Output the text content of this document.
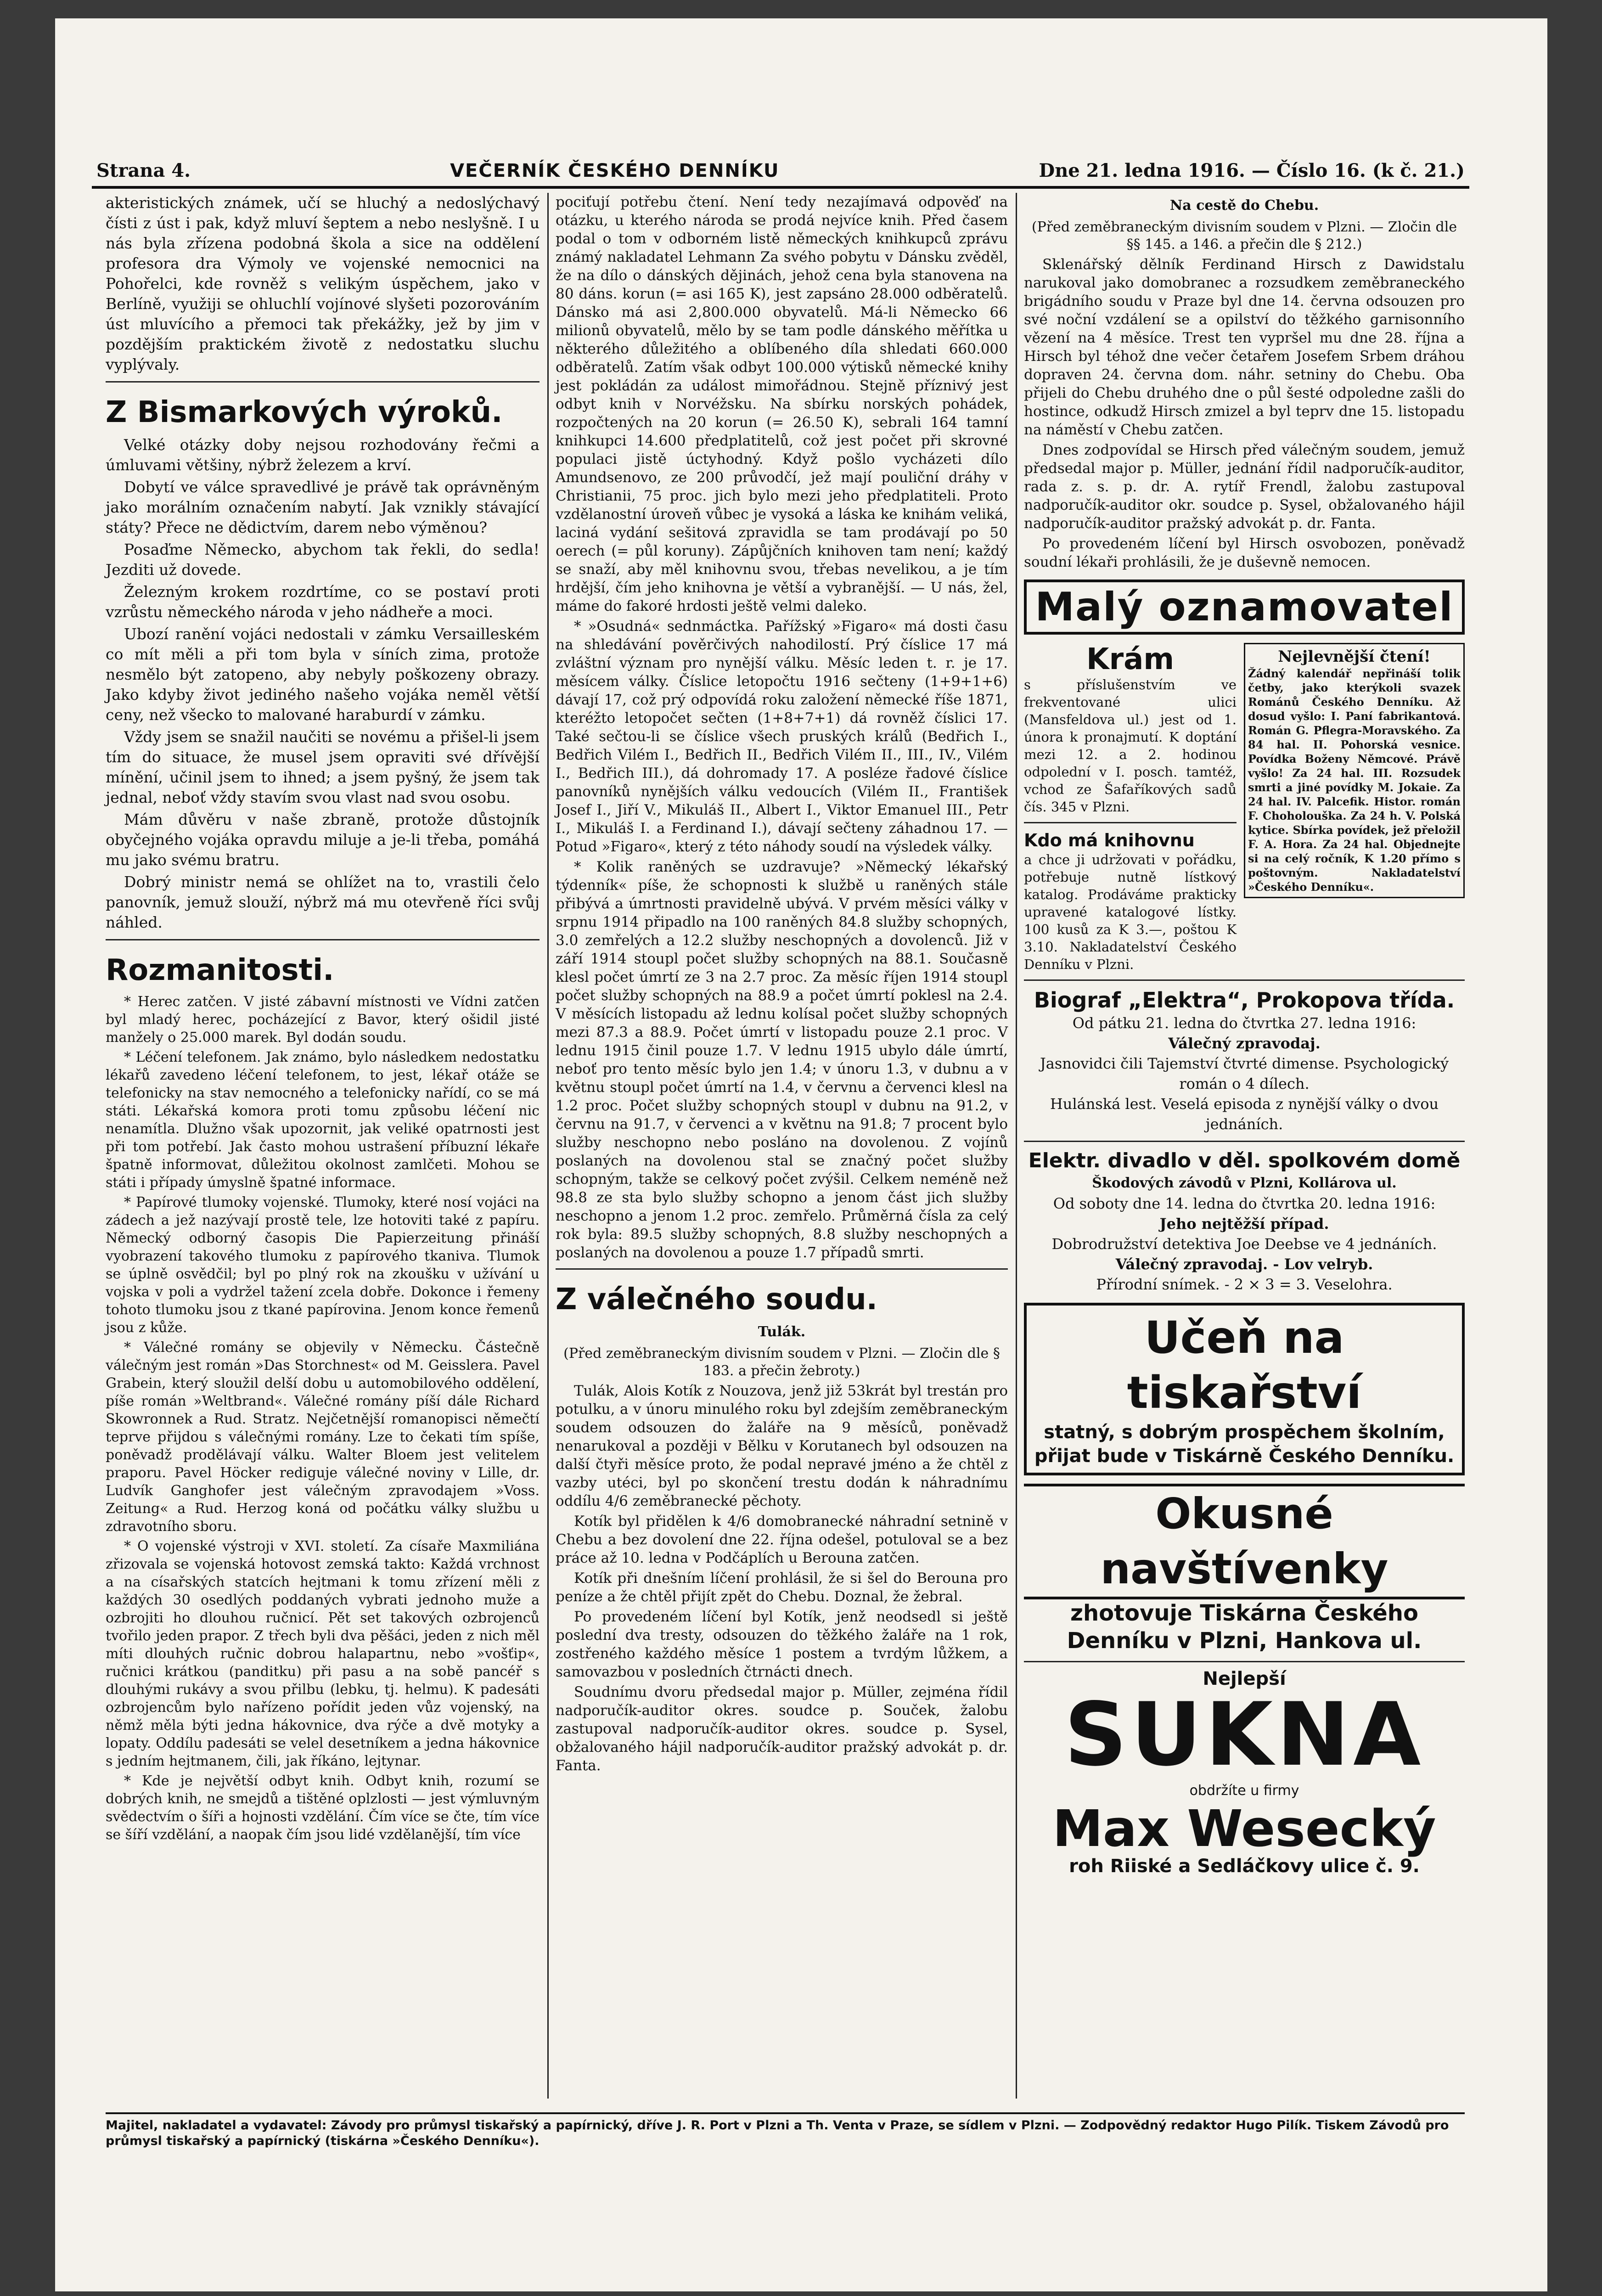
Strana 4.	VEČERNÍK ČESKÉHO DENNÍKU	Dne 21. ledna 1916. — Číslo 16. (k č. 21.)

akteristických známek, učí se hluchý a nedoslýchavý čísti z úst i pak, když mluví šeptem a nebo neslyšně. I u nás byla zřízena podobná škola a sice na oddělení profesora dra Výmoly ve vojenské nemocnici na Pohořelci, kde rovněž s velikým úspěchem, jako v Berlíně, využiji se ohluchlí vojínové slyšeti pozorováním úst mluvícího a přemoci tak překážky, jež by jim v pozdějším praktickém životě z nedostatku sluchu vyplývaly.

Z Bismarkových výroků.

Velké otázky doby nejsou rozhodovány řečmi a úmluvami většiny, nýbrž železem a krví.

Dobytí ve válce spravedlivé je právě tak oprávněným jako morálním označením nabytí. Jak vznikly stávající státy? Přece ne dědictvím, darem nebo výměnou?

Posaďme Německo, abychom tak řekli, do sedla! Jezditi už dovede.

Železným krokem rozdrtíme, co se postaví proti vzrůstu německého národa v jeho nádheře a moci.

Ubozí ranění vojáci nedostali v zámku Versailleském co mít měli a při tom byla v síních zima, protože nesmělo být zatopeno, aby nebyly poškozeny obrazy. Jako kdyby život jediného našeho vojáka neměl větší ceny, než všecko to malované haraburdí v zámku.

Vždy jsem se snažil naučiti se novému a přišel-li jsem tím do situace, že musel jsem opraviti své dřívější mínění, učinil jsem to ihned; a jsem pyšný, že jsem tak jednal, neboť vždy stavím svou vlast nad svou osobu.

Mám důvěru v naše zbraně, protože důstojník obyčejného vojáka opravdu miluje a je-li třeba, pomáhá mu jako svému bratru.

Dobrý ministr nemá se ohlížet na to, vrastili čelo panovník, jemuž slouží, nýbrž má mu otevřeně říci svůj náhled.

Rozmanitosti.

* Herec zatčen. V jisté zábavní místnosti ve Vídni zatčen byl mladý herec, pocházející z Bavor, který ošidil jisté manžely o 25.000 marek. Byl dodán soudu.

* Léčení telefonem. Jak známo, bylo následkem nedostatku lékařů zavedeno léčení telefonem, to jest, lékař otáže se telefonicky na stav nemocného a telefonicky nařídí, co se má státi. Lékařská komora proti tomu způsobu léčení nic nenamítla. Dlužno však upozornit, jak veliké opatrnosti jest při tom potřebí. Jak často mohou ustrašení příbuzní lékaře špatně informovat, důležitou okolnost zamlčeti. Mohou se státi i případy úmyslně špatné informace.

* Papírové tlumoky vojenské. Tlumoky, které nosí vojáci na zádech a jež nazývají prostě tele, lze hotoviti také z papíru. Německý odborný časopis Die Papierzeitung přináší vyobrazení takového tlumoku z papírového tkaniva. Tlumok se úplně osvědčil; byl po plný rok na zkoušku v užívání u vojska v poli a vydržel tažení zcela dobře. Dokonce i řemeny tohoto tlumoku jsou z tkané papírovina. Jenom konce řemenů jsou z kůže.

* Válečné romány se objevily v Německu. Částečně válečným jest román »Das Storchnest« od M. Geisslera. Pavel Grabein, který sloužil delší dobu u automobilového oddělení, píše román »Weltbrand«. Válečné romány píší dále Richard Skowronnek a Rud. Stratz. Nejčetnější romanopisci němečtí teprve přijdou s válečnými romány. Lze to čekati tím spíše, poněvadž prodělávají válku. Walter Bloem jest velitelem praporu. Pavel Höcker rediguje válečné noviny v Lille, dr. Ludvík Ganghofer jest válečným zpravodajem »Voss. Zeitung« a Rud. Herzog koná od počátku války službu u zdravotního sboru.

* O vojenské výstroji v XVI. století. Za císaře Maxmiliána zřizovala se vojenská hotovost zemská takto: Každá vrchnost a na císařských statcích hejtmani k tomu zřízení měli z každých 30 osedlých poddaných vybrati jednoho muže a ozbrojiti ho dlouhou ručnicí. Pět set takových ozbrojenců tvořilo jeden prapor. Z třech byli dva pěšáci, jeden z nich měl míti dlouhých ručnic dobrou halapartnu, nebo »vošťip«, ručnici krátkou (panditku) při pasu a na sobě pancéř s dlouhými rukávy a svou přilbu (lebku, tj. helmu). K padesáti ozbrojencům bylo nařízeno pořídit jeden vůz vojenský, na němž měla býti jedna hákovnice, dva rýče a dvě motyky a lopaty. Oddílu padesáti se velel desetníkem a jedna hákovnice s jedním hejtmanem, čili, jak říkáno, lejtynar.

* Kde je největší odbyt knih. Odbyt knih, rozumí se dobrých knih, ne smejdů a tištěné oplzlosti — jest výmluvným svědectvím o šíři a hojnosti vzdělání. Čím více se čte, tím více se šíří vzdělání, a naopak čím jsou lidé vzdělanější, tím více

pociťují potřebu čtení. Není tedy nezajímavá odpověď na otázku, u kterého národa se prodá nejvíce knih. Před časem podal o tom v odborném listě německých knihkupců zprávu známý nakladatel Lehmann Za svého pobytu v Dánsku zvěděl, že na dílo o dánských dějinách, jehož cena byla stanovena na 80 dáns. korun (= asi 165 K), jest zapsáno 28.000 odběratelů. Dánsko má asi 2,800.000 obyvatelů. Má-li Německo 66 milionů obyvatelů, mělo by se tam podle dánského měřítka u některého důležitého a oblíbeného díla shledati 660.000 odběratelů. Zatím však odbyt 100.000 výtisků německé knihy jest pokládán za událost mimořádnou. Stejně příznivý jest odbyt knih v Norvéžsku. Na sbírku norských pohádek, rozpočtených na 20 korun (= 26.50 K), sebrali 164 tamní knihkupci 14.600 předplatitelů, což jest počet při skrovné populaci jistě úctyhodný. Když pošlo vycházeti dílo Amundsenovo, ze 200 průvodčí, jež mají pouliční dráhy v Christianii, 75 proc. jich bylo mezi jeho předplatiteli. Proto vzdělanostní úroveň vůbec je vysoká a láska ke knihám veliká, laciná vydání sešitová zpravidla se tam prodávají po 50 oerech (= půl koruny). Zápůjčních knihoven tam není; každý se snaží, aby měl knihovnu svou, třebas nevelikou, a je tím hrdější, čím jeho knihovna je větší a vybranější. — U nás, žel, máme do fakoré hrdosti ještě velmi daleko.

* »Osudná« sednmáctka. Pařížský »Figaro« má dosti času na shledávání pověrčivých nahodilostí. Prý číslice 17 má zvláštní význam pro nynější válku. Měsíc leden t. r. je 17. měsícem války. Číslice letopočtu 1916 sečteny (1+9+1+6) dávají 17, což prý odpovídá roku založení německé říše 1871, kteréžto letopočet sečten (1+8+7+1) dá rovněž číslici 17. Také sečtou-li se číslice všech pruských králů (Bedřich I., Bedřich Vilém I., Bedřich II., Bedřich Vilém II., III., IV., Vilém I., Bedřich III.), dá dohromady 17. A posléze řadové číslice panovníků nynějších válku vedoucích (Vilém II., František Josef I., Jiří V., Mikuláš II., Albert I., Viktor Emanuel III., Petr I., Mikuláš I. a Ferdinand I.), dávají sečteny záhadnou 17. — Potud »Figaro«, který z této náhody soudí na výsledek války.

* Kolik raněných se uzdravuje? »Německý lékařský týdenník« píše, že schopnosti k službě u raněných stále přibývá a úmrtnosti pravidelně ubývá. V prvém měsíci války v srpnu 1914 připadlo na 100 raněných 84.8 služby schopných, 3.0 zemřelých a 12.2 služby neschopných a dovolenců. Již v září 1914 stoupl počet služby schopných na 88.1. Současně klesl počet úmrtí ze 3 na 2.7 proc. Za měsíc říjen 1914 stoupl počet služby schopných na 88.9 a počet úmrtí poklesl na 2.4. V měsících listopadu až lednu kolísal počet služby schopných mezi 87.3 a 88.9. Počet úmrtí v listopadu pouze 2.1 proc. V lednu 1915 činil pouze 1.7. V lednu 1915 ubylo dále úmrtí, neboť pro tento měsíc bylo jen 1.4; v únoru 1.3, v dubnu a v květnu stoupl počet úmrtí na 1.4, v červnu a červenci klesl na 1.2 proc. Počet služby schopných stoupl v dubnu na 91.2, v červnu na 91.7, v červenci a v květnu na 91.8; 7 procent bylo služby neschopno nebo posláno na dovolenou. Z vojínů poslaných na dovolenou stal se značný počet služby schopným, takže se celkový počet zvýšil. Celkem neméně než 98.8 ze sta bylo služby schopno a jenom část jich služby neschopno a jenom 1.2 proc. zemřelo. Průměrná čísla za celý rok byla: 89.5 služby schopných, 8.8 služby neschopných a poslaných na dovolenou a pouze 1.7 případů smrti.

Z válečného soudu.
Tulák.

(Před zeměbraneckým divisním soudem v Plzni. — Zločin dle § 183. a přečin žebroty.)

Tulák, Alois Kotík z Nouzova, jenž již 53krát byl trestán pro potulku, a v únoru minulého roku byl zdejším zeměbraneckým soudem odsouzen do žaláře na 9 měsíců, poněvadž nenarukoval a později v Bělku v Korutanech byl odsouzen na další čtyři měsíce proto, že podal nepravé jméno a že chtěl z vazby utéci, byl po skončení trestu dodán k náhradnímu oddílu 4/6 zeměbranecké pěchoty.

Kotík byl přidělen k 4/6 domobranecké náhradní setnině v Chebu a bez dovolení dne 22. října odešel, potuloval se a bez práce až 10. ledna v Podčáplích u Berouna zatčen.

Kotík při dnešním líčení prohlásil, že si šel do Berouna pro peníze a že chtěl přijít zpět do Chebu. Doznal, že žebral.

Po provedeném líčení byl Kotík, jenž neodsedl si ještě poslední dva tresty, odsouzen do těžkého žaláře na 1 rok, zostřeného každého měsíce 1 postem a tvrdým lůžkem, a samovazbou v posledních čtrnácti dnech.

Soudnímu dvoru předsedal major p. Müller, zejména řídil nadporučík-auditor okres. soudce p. Souček, žalobu zastupoval nadporučík-auditor okres. soudce p. Sysel, obžalovaného hájil nadporučík-auditor pražský advokát p. dr. Fanta.

Na cestě do Chebu.

(Před zeměbraneckým divisním soudem v Plzni. — Zločin dle §§ 145. a 146. a přečin dle § 212.)

Sklenářský dělník Ferdinand Hirsch z Dawidstalu narukoval jako domobranec a rozsudkem zeměbraneckého brigádního soudu v Praze byl dne 14. června odsouzen pro své noční vzdálení se a opilství do těžkého garnisonního vězení na 4 měsíce. Trest ten vypršel mu dne 28. října a Hirsch byl téhož dne večer četařem Josefem Srbem dráhou dopraven 24. června dom. náhr. setniny do Chebu. Oba přijeli do Chebu druhého dne o půl šesté odpoledne zašli do hostince, odkudž Hirsch zmizel a byl teprv dne 15. listopadu na náměstí v Chebu zatčen.

Dnes zodpovídal se Hirsch před válečným soudem, jemuž předsedal major p. Müller, jednání řídil nadporučík-auditor, rada z. s. p. dr. A. rytíř Frendl, žalobu zastupoval nadporučík-auditor okr. soudce p. Sysel, obžalovaného hájil nadporučík-auditor pražský advokát p. dr. Fanta.

Po provedeném líčení byl Hirsch osvobozen, poněvadž soudní lékaři prohlásili, že je duševně nemocen.

Malý oznamovatel
Krám
s příslušenstvím ve frekventované ulici (Mansfeldova ul.) jest od 1. února k pronajmutí. K doptání mezi 12. a 2. hodinou odpolední v I. posch. tamtéž, vchod ze Šafaříkových sadů čís. 345 v Plzni.
Kdo má knihovnu
a chce ji udržovati v pořádku, potřebuje nutně lístkový katalog. Prodáváme prakticky upravené katalogové lístky. 100 kusů za K 3.—, poštou K 3.10. Nakladatelství Českého Denníku v Plzni.
Nejlevnější čtení!
Žádný kalendář nepřináší tolik četby, jako kterýkoli svazek Románů Českého Denníku. Až dosud vyšlo: I. Paní fabrikantová. Román G. Pflegra-Moravského. Za 84 hal. II. Pohorská vesnice. Povídka Boženy Němcové. Právě vyšlo! Za 24 hal. III. Rozsudek smrti a jiné povídky M. Jokaie. Za 24 hal. IV. Palcefik. Histor. román F. Choholouška. Za 24 h. V. Polská kytice. Sbírka povídek, jež přeložil F. A. Hora. Za 24 hal. Objednejte si na celý ročník, K 1.20 přímo s poštovným. Nakladatelství »Českého Denníku«.
Biograf „Elektra“, Prokopova třída.
Od pátku 21. ledna do čtvrtka 27. ledna 1916:
Válečný zpravodaj.
Jasnovidci čili Tajemství čtvrté dimense. Psychologický román o 4 dílech.
Hulánská lest. Veselá episoda z nynější války o dvou jednáních.
Elektr. divadlo v děl. spolkovém domě
Škodových závodů v Plzni, Kollárova ul.
Od soboty dne 14. ledna do čtvrtka 20. ledna 1916:
Jeho nejtěžší případ.
Dobrodružství detektiva Joe Deebse ve 4 jednáních.
Válečný zpravodaj. - Lov velryb.
Přírodní snímek. - 2 × 3 = 3. Veselohra.
Učeň na tiskařství
statný, s dobrým prospěchem školním, přijat bude v Tiskárně Českého Denníku.
Okusné navštívenky
zhotovuje Tiskárna Českého Denníku v Plzni, Hankova ul.
Nejlepší
SUKNA
obdržíte u firmy
Max Wesecký
roh Riiské a Sedláčkovy ulice č. 9.
Majitel, nakladatel a vydavatel: Závody pro průmysl tiskařský a papírnický, dříve J. R. Port v Plzni a Th. Venta v Praze, se sídlem v Plzni. — Zodpovědný redaktor Hugo Pilík. Tiskem Závodů pro průmysl tiskařský a papírnický (tiskárna »Českého Denníku«).
